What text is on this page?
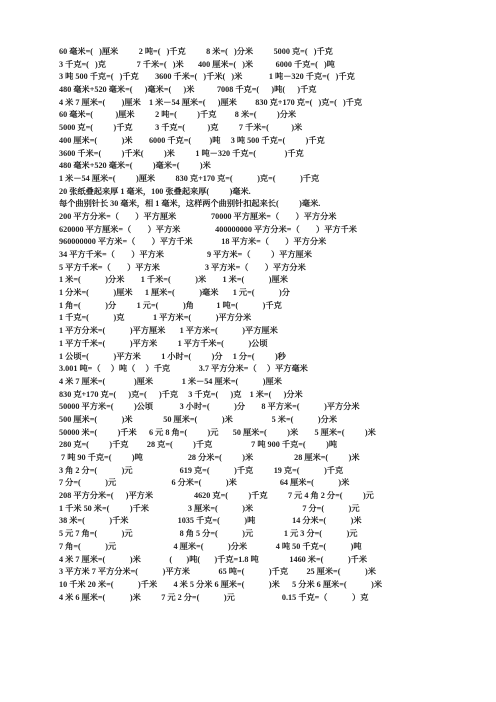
60 毫米=(   )厘米          2 吨=(   )千克          8 米=(   )分米          5000 克=(   )千克
3 千克=(   )克               7 千米=(   )米       400 厘米=(   )米           6000 千克=(   )吨
3 吨 500 千克=(   )千克        3600 千米=(   )千米(   )米             1 吨－320 千克=(   )千克
480 毫米+520 毫米=(      )毫米=(      )米           7008 千克=(      )吨(      )千克
4 米 7 厘米=(        )厘米    1 米－54 厘米=(      )厘米         830 克+170 克=(   )克=(   )千克
60 毫米=(           )厘米          2 吨=(          )千克         8 米=(          )分米
5000 克=(          )千克           3 千克=(           )克          7 千米=(           )米
400 厘米=(            )米        6000 千克=(         )吨     3 吨 500 千克=(          )千克
3600 千米=(          )千米(          )米          1 吨－320 千克=(              )千克
480 毫米+520 毫米=(          )毫米=(          )米
1 米－54 厘米=(          )厘米          830 克+170 克=(            )克=(            )千克
20 张纸叠起来厚 1 毫米，100 张叠起来厚(          )毫米.
每个曲别针长 30 毫米，相 1 毫米，这样两个曲别针扣起来长(          )毫米.
200 平方分米=（        ）平方厘米                 70000 平方厘米=（        ）平方分米
620000 平方厘米=（        ）平方米                 400000000 平方分米=（        ）平方千米
960000000 平方米=（        ）平方千米              18 平方米=（        ）平方分米
34 平方千米=（        ）平方米                     9 平方米=（          ）平方厘米
5 平方千米=（        ）平方米                      3 平方米=（        ）平方分米
1 米=(            )分米        1 千米=(            )米        1 米=(            )厘米
1 分米=(            )厘米      1 厘米=(            )毫米       1 元=(            )分
1 角=(            )分          1 元=(            )角           1 吨=(            )千克
1 千克=(            )克              1 平方米=(            )平方分米
1 平方分米=(            )平方厘米       1 平方米=(            )平方厘米
1 平方千米=(            )平方米          1 平方千米=(            )公顷
1 公顷=(            )平方米          1 小时=(          )分     1 分=(          )秒
3.001 吨=（     ）吨（     ）千克              3.7 平方分米=（     ）平方毫米
4 米 7 厘米=(              )厘米              1 米－54 厘米=(            )厘米
830 克+170 克=(      )克=(      )千克     3 千克=(      )克    1 米=(      )分米
50000 平方米=(          )公顷             3 小时=(            )分        8 平方米=(            )平方分米
500 厘米=(            )米               50 厘米=(            )米                   5 米=(            )分米
50000 米=(          )千米      6 元 8 角=(          )元       50 厘米=(          )米        5 厘米=(          )米
280 克=(          )千克         28 克=(          )千克                   7 吨 900 千克=(          )吨
7 吨 90 千克=(          )吨                      28 分米=(          )米                    28 厘米=(          )米
3 角 2 分=(            )元                       619 克=(            )千克          19 克=(            )千克
7 分=(            )元                           6 分米=(            )米                     64 厘米=(            )米
208 平方分米=(      )平方米                    4620 克=(          )千克          7 元 4 角 2 分=(          )元
1 千米 50 米=(          )千米                   3 厘米=(            )米                        7 分=(            )元
38 米=(            )千米                        1035 千克=(            )吨                  14 分米=(            )米
5 元 7 角=(            )元                       8 角 5 分=(            )元               1 元 3 分=(            )元
7 角=(            )元                            4 厘米=(            )分米              4 吨 50 千克=(            )吨
4 米 7 厘米=(            )米              (       )吨(       )千克=1.8 吨               1460 米=(            )千米
3 平方米 7 平方分米=(            )平方米              65 吨=(            )千克         25 厘米=(            )米
10 千米 20 米=(            )千米        4 米 5 分米 6 厘米=(            )米      5 分米 6 厘米=(            )米
4 米 6 厘米=(            )米          7 元 2 分=(            )元                       0.15 千克=（            ）克
